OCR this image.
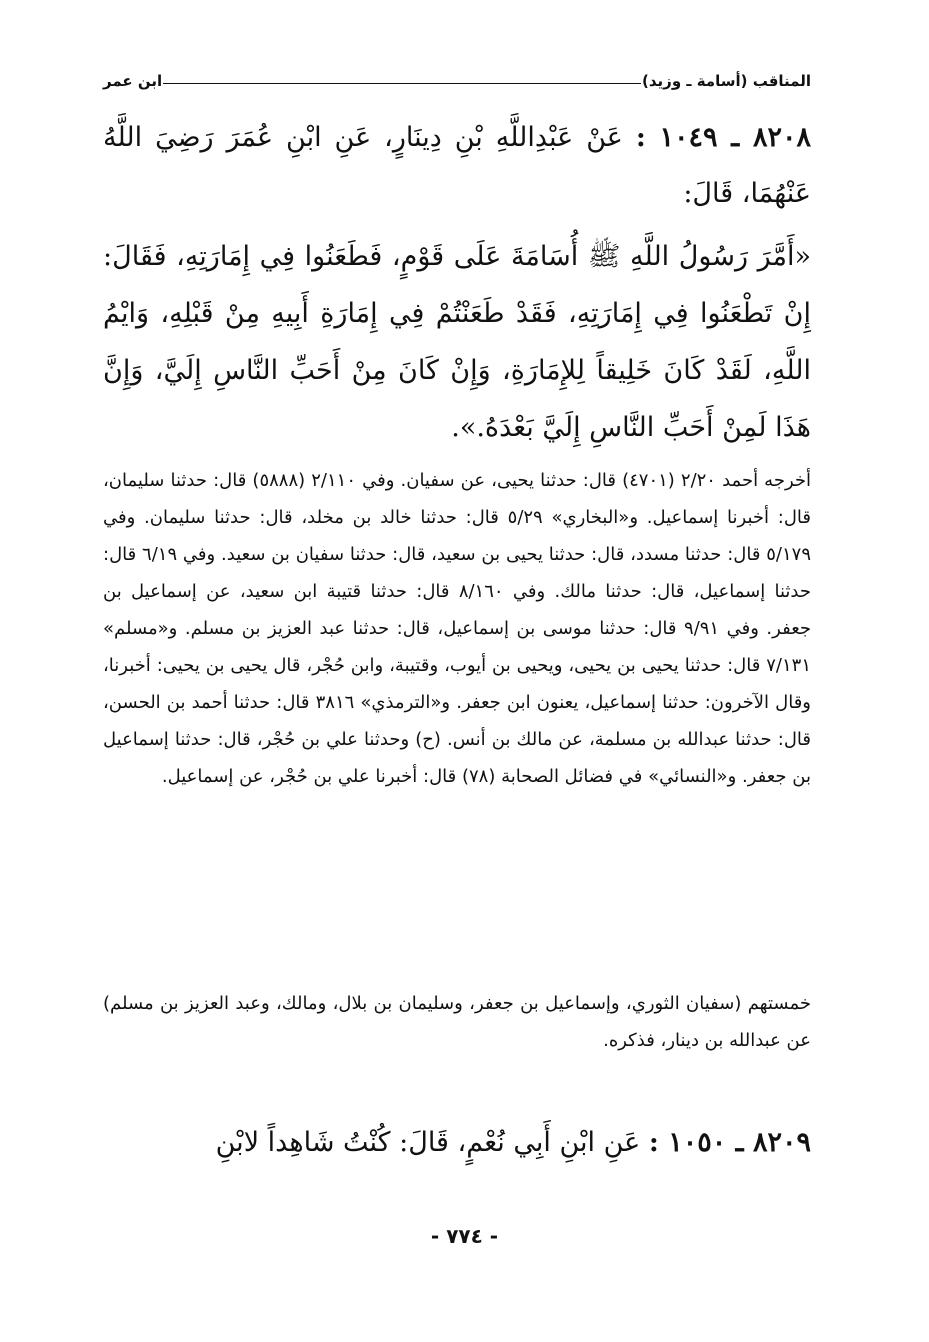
المناقب (أسامة ـ وزيد)
ابن عمر
٨٢٠٨ ـ ١٠٤٩ : عَنْ عَبْدِاللَّهِ بْنِ دِينَارٍ، عَنِ ابْنِ عُمَرَ رَضِيَ اللَّهُ عَنْهُمَا، قَالَ:
«أَمَّرَ رَسُولُ اللَّهِ ﷺ أُسَامَةَ عَلَى قَوْمٍ، فَطَعَنُوا فِي إِمَارَتِهِ، فَقَالَ: إِنْ تَطْعَنُوا فِي إِمَارَتِهِ، فَقَدْ طَعَنْتُمْ فِي إِمَارَةِ أَبِيهِ مِنْ قَبْلِهِ، وَايْمُ اللَّهِ، لَقَدْ كَانَ خَلِيقاً لِلإِمَارَةِ، وَإِنْ كَانَ مِنْ أَحَبِّ النَّاسِ إِلَيَّ، وَإِنَّ هَذَا لَمِنْ أَحَبِّ النَّاسِ إِلَيَّ بَعْدَهُ.».
أخرجه أحمد ٢/٢٠ (٤٧٠١) قال: حدثنا يحيى، عن سفيان. وفي ٢/١١٠ (٥٨٨٨) قال: حدثنا سليمان، قال: أخبرنا إسماعيل. و«البخاري» ٥/٢٩ قال: حدثنا خالد بن مخلد، قال: حدثنا سليمان. وفي ٥/١٧٩ قال: حدثنا مسدد، قال: حدثنا يحيى بن سعيد، قال: حدثنا سفيان بن سعيد. وفي ٦/١٩ قال: حدثنا إسماعيل، قال: حدثنا مالك. وفي ٨/١٦٠ قال: حدثنا قتيبة ابن سعيد، عن إسماعيل بن جعفر. وفي ٩/٩١ قال: حدثنا موسى بن إسماعيل، قال: حدثنا عبد العزيز بن مسلم. و«مسلم» ٧/١٣١ قال: حدثنا يحيى بن يحيى، ويحيى بن أيوب، وقتيبة، وابن حُجْر، قال يحيى بن يحيى: أخبرنا، وقال الآخرون: حدثنا إسماعيل، يعنون ابن جعفر. و«الترمذي» ٣٨١٦ قال: حدثنا أحمد بن الحسن، قال: حدثنا عبدالله بن مسلمة، عن مالك بن أنس. (ح) وحدثنا علي بن حُجْر، قال: حدثنا إسماعيل بن جعفر. و«النسائي» في فضائل الصحابة (٧٨) قال: أخبرنا علي بن حُجْر، عن إسماعيل.
خمستهم (سفيان الثوري، وإسماعيل بن جعفر، وسليمان بن بلال، ومالك، وعبد العزيز بن مسلم) عن عبدالله بن دينار، فذكره.
٨٢٠٩ ـ ١٠٥٠ : عَنِ ابْنِ أَبِي نُعْمٍ، قَالَ: كُنْتُ شَاهِداً لابْنِ
- ٧٧٤ -
